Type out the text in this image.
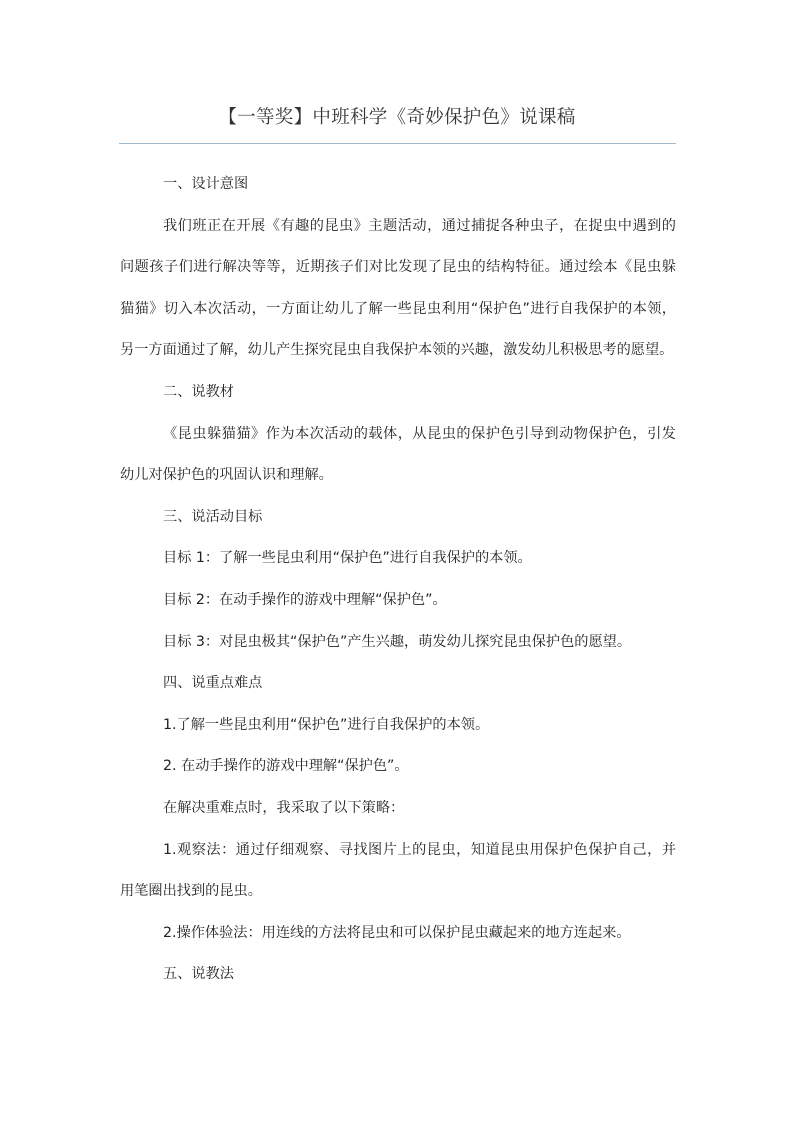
【一等奖】中班科学《奇妙保护色》说课稿
一、设计意图
我们班正在开展《有趣的昆虫》主题活动，通过捕捉各种虫子，在捉虫中遇到的
问题孩子们进行解决等等，近期孩子们对比发现了昆虫的结构特征。通过绘本《昆虫躲
猫猫》切入本次活动，一方面让幼儿了解一些昆虫利用“保护色”进行自我保护的本领，
另一方面通过了解，幼儿产生探究昆虫自我保护本领的兴趣，激发幼儿积极思考的愿望。
二、说教材
《昆虫躲猫猫》作为本次活动的载体，从昆虫的保护色引导到动物保护色，引发
幼儿对保护色的巩固认识和理解。
三、说活动目标
目标 1：了解一些昆虫利用“保护色”进行自我保护的本领。
目标 2：在动手操作的游戏中理解“保护色”。
目标 3：对昆虫极其“保护色”产生兴趣，萌发幼儿探究昆虫保护色的愿望。
四、说重点难点
1.了解一些昆虫利用“保护色”进行自我保护的本领。
2. 在动手操作的游戏中理解“保护色”。
在解决重难点时，我采取了以下策略：
1.观察法：通过仔细观察、寻找图片上的昆虫，知道昆虫用保护色保护自己，并
用笔圈出找到的昆虫。
2.操作体验法：用连线的方法将昆虫和可以保护昆虫藏起来的地方连起来。
五、说教法
